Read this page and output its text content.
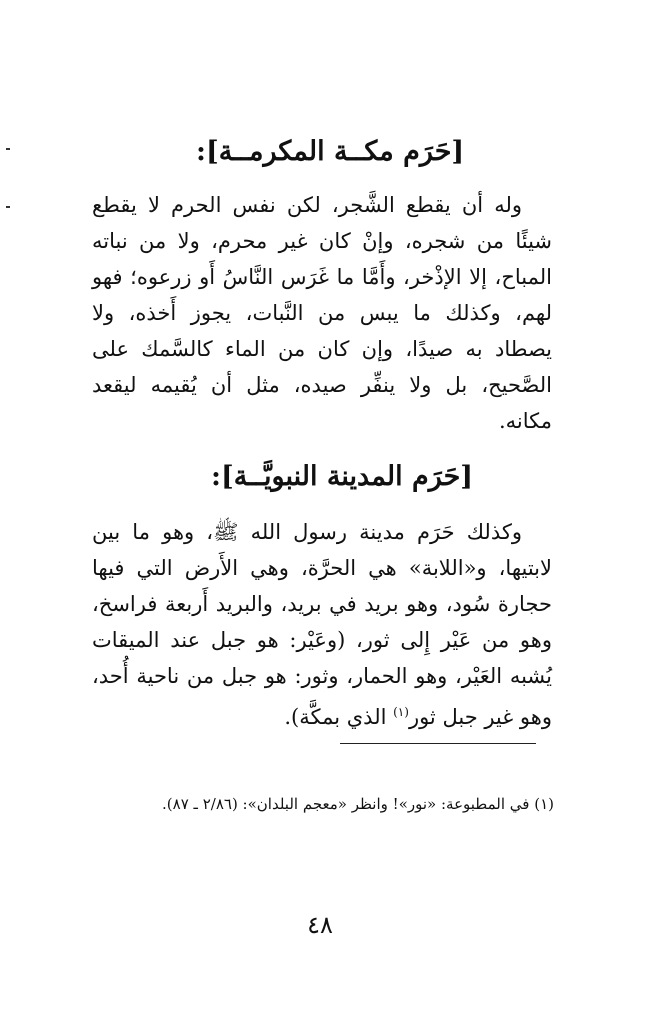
[حَرَم مكــة المكرمــة]:

وله أن يقطع الشَّجر، لكن نفس الحرم لا يقطع شيئًا من شجره، وإنْ كان غير محرم، ولا من نباته المباح، إلا الإذْخر، وأَمَّا ما غَرَس النَّاسُ أَو زرعوه؛ فهو لهم، وكذلك ما يبس من النَّبات، يجوز أَخذه، ولا يصطاد به صيدًا، وإن كان من الماء كالسَّمك على الصَّحيح، بل ولا ينفِّر صيده، مثل أن يُقيمه ليقعد مكانه.

[حَرَم المدينة النبويَّــة]:

وكذلك حَرَم مدينة رسول الله ﷺ، وهو ما بين لابتيها، و«اللابة» هي الحرَّة، وهي الأَرض التي فيها حجارة سُود، وهو بريد في بريد، والبريد أَربعة فراسخ، وهو من عَيْر إِلى ثور، (وعَيْر: هو جبل عند الميقات يُشبه العَيْر، وهو الحمار، وثور: هو جبل من ناحية أُحد، وهو غير جبل ثور$^{(١)}$ الذي بمكَّة).

(١) في المطبوعة: «نور»! وانظر «معجم البلدان»: (٢/٨٦ ـ ٨٧).

٤٨
